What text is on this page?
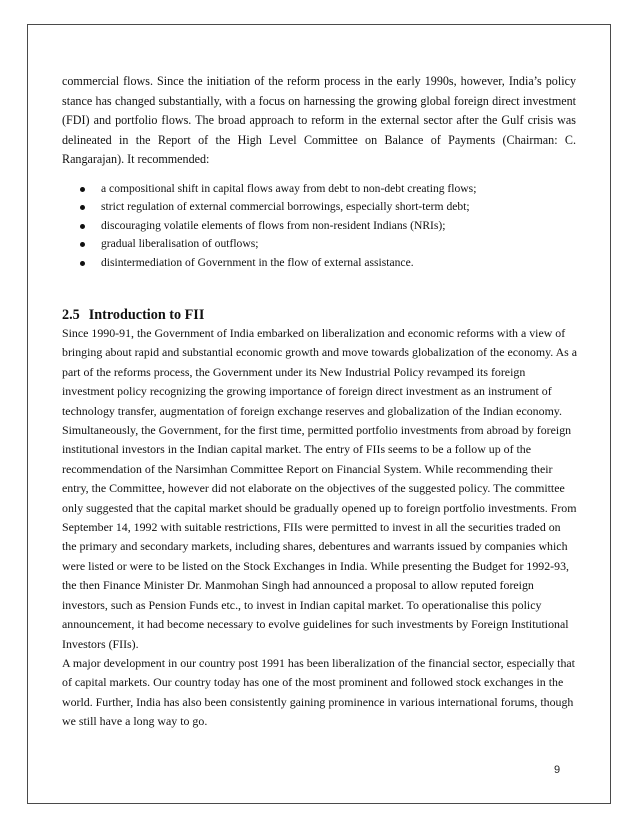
commercial flows. Since the initiation of the reform process in the early 1990s, however, India’s policy stance has changed substantially, with a focus on harnessing the growing global foreign direct investment (FDI) and portfolio flows. The broad approach to reform in the external sector after the Gulf crisis was delineated in the Report of the High Level Committee on Balance of Payments (Chairman: C. Rangarajan). It recommended:

a compositional shift in capital flows away from debt to non-debt creating flows;
strict regulation of external commercial borrowings, especially short-term debt;
discouraging volatile elements of flows from non-resident Indians (NRIs);
gradual liberalisation of outflows;
disintermediation of Government in the flow of external assistance.
2.5 Introduction to FII

Since 1990-91, the Government of India embarked on liberalization and economic reforms with a view of bringing about rapid and substantial economic growth and move towards globalization of the economy. As a part of the reforms process, the Government under its New Industrial Policy revamped its foreign investment policy recognizing the growing importance of foreign direct investment as an instrument of technology transfer, augmentation of foreign exchange reserves and globalization of the Indian economy. Simultaneously, the Government, for the first time, permitted portfolio investments from abroad by foreign institutional investors in the Indian capital market. The entry of FIIs seems to be a follow up of the recommendation of the Narsimhan Committee Report on Financial System. While recommending their entry, the Committee, however did not elaborate on the objectives of the suggested policy. The committee only suggested that the capital market should be gradually opened up to foreign portfolio investments. From September 14, 1992 with suitable restrictions, FIIs were permitted to invest in all the securities traded on the primary and secondary markets, including shares, debentures and warrants issued by companies which were listed or were to be listed on the Stock Exchanges in India. While presenting the Budget for 1992-93, the then Finance Minister Dr. Manmohan Singh had announced a proposal to allow reputed foreign investors, such as Pension Funds etc., to invest in Indian capital market. To operationalise this policy announcement, it had become necessary to evolve guidelines for such investments by Foreign Institutional Investors (FIIs).

A major development in our country post 1991 has been liberalization of the financial sector, especially that of capital markets. Our country today has one of the most prominent and followed stock exchanges in the world. Further, India has also been consistently gaining prominence in various international forums, though we still have a long way to go.

9
